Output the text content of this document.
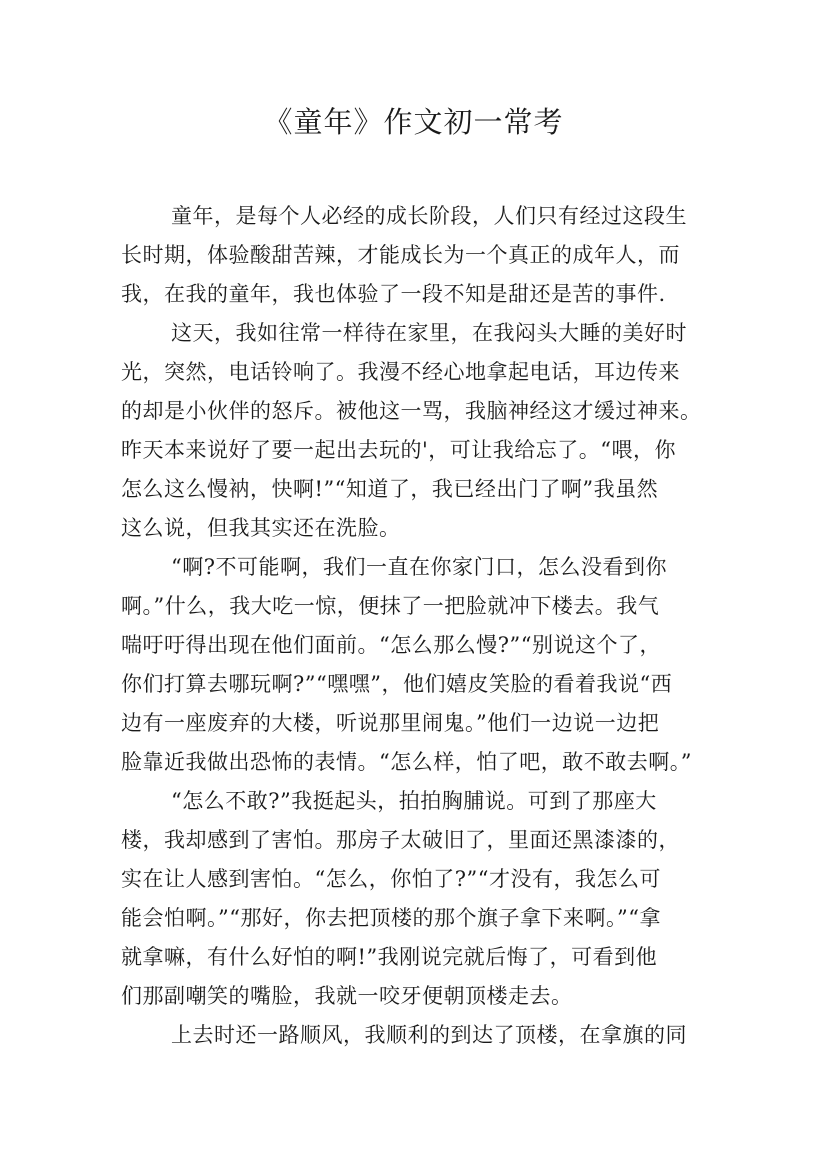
《童年》作文初一常考

童年，是每个人必经的成长阶段，人们只有经过这段生

长时期，体验酸甜苦辣，才能成长为一个真正的成年人，而

我，在我的童年，我也体验了一段不知是甜还是苦的事件.

这天，我如往常一样待在家里，在我闷头大睡的美好时

光，突然，电话铃响了。我漫不经心地拿起电话，耳边传来

的却是小伙伴的怒斥。被他这一骂，我脑神经这才缓过神来。

昨天本来说好了要一起出去玩的'，可让我给忘了。“喂，你

怎么这么慢衲，快啊!”“知道了，我已经出门了啊”我虽然

这么说，但我其实还在洗脸。

“啊?不可能啊，我们一直在你家门口，怎么没看到你

啊。”什么，我大吃一惊，便抹了一把脸就冲下楼去。我气

喘吁吁得出现在他们面前。“怎么那么慢?”“别说这个了，

你们打算去哪玩啊?”“嘿嘿”，他们嬉皮笑脸的看着我说“西

边有一座废弃的大楼，听说那里闹鬼。”他们一边说一边把

脸靠近我做出恐怖的表情。“怎么样，怕了吧，敢不敢去啊。”

“怎么不敢?”我挺起头，拍拍胸脯说。可到了那座大

楼，我却感到了害怕。那房子太破旧了，里面还黑漆漆的，

实在让人感到害怕。“怎么，你怕了?”“才没有，我怎么可

能会怕啊。”“那好，你去把顶楼的那个旗子拿下来啊。”“拿

就拿嘛，有什么好怕的啊!”我刚说完就后悔了，可看到他

们那副嘲笑的嘴脸，我就一咬牙便朝顶楼走去。

上去时还一路顺风，我顺利的到达了顶楼，在拿旗的同
